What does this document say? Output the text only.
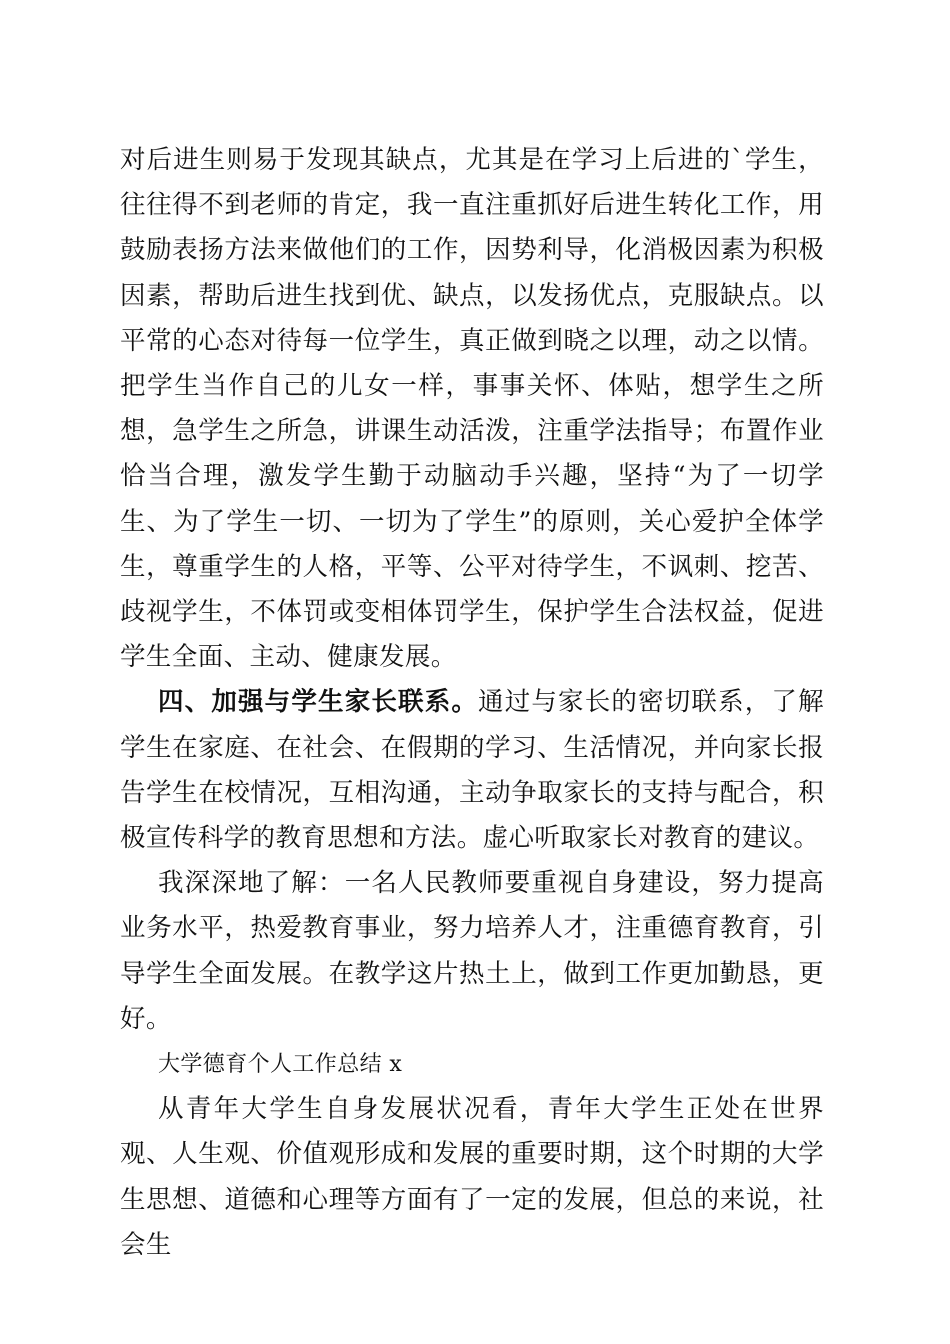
对后进生则易于发现其缺点，尤其是在学习上后进的`学生，往往得不到老师的肯定，我一直注重抓好后进生转化工作，用鼓励表扬方法来做他们的工作，因势利导，化消极因素为积极因素，帮助后进生找到优、缺点，以发扬优点，克服缺点。以平常的心态对待每一位学生，真正做到晓之以理，动之以情。把学生当作自己的儿女一样，事事关怀、体贴，想学生之所想，急学生之所急，讲课生动活泼，注重学法指导；布置作业恰当合理，激发学生勤于动脑动手兴趣，坚持“为了一切学生、为了学生一切、一切为了学生”的原则，关心爱护全体学生，尊重学生的人格，平等、公平对待学生，不讽刺、挖苦、歧视学生，不体罚或变相体罚学生，保护学生合法权益，促进学生全面、主动、健康发展。

四、加强与学生家长联系。通过与家长的密切联系，了解学生在家庭、在社会、在假期的学习、生活情况，并向家长报告学生在校情况，互相沟通，主动争取家长的支持与配合，积极宣传科学的教育思想和方法。虚心听取家长对教育的建议。

我深深地了解：一名人民教师要重视自身建设，努力提高业务水平，热爱教育事业，努力培养人才，注重德育教育，引导学生全面发展。在教学这片热土上，做到工作更加勤恳，更好。

大学德育个人工作总结 x

从青年大学生自身发展状况看，青年大学生正处在世界观、人生观、价值观形成和发展的重要时期，这个时期的大学生思想、道德和心理等方面有了一定的发展，但总的来说，社会生
